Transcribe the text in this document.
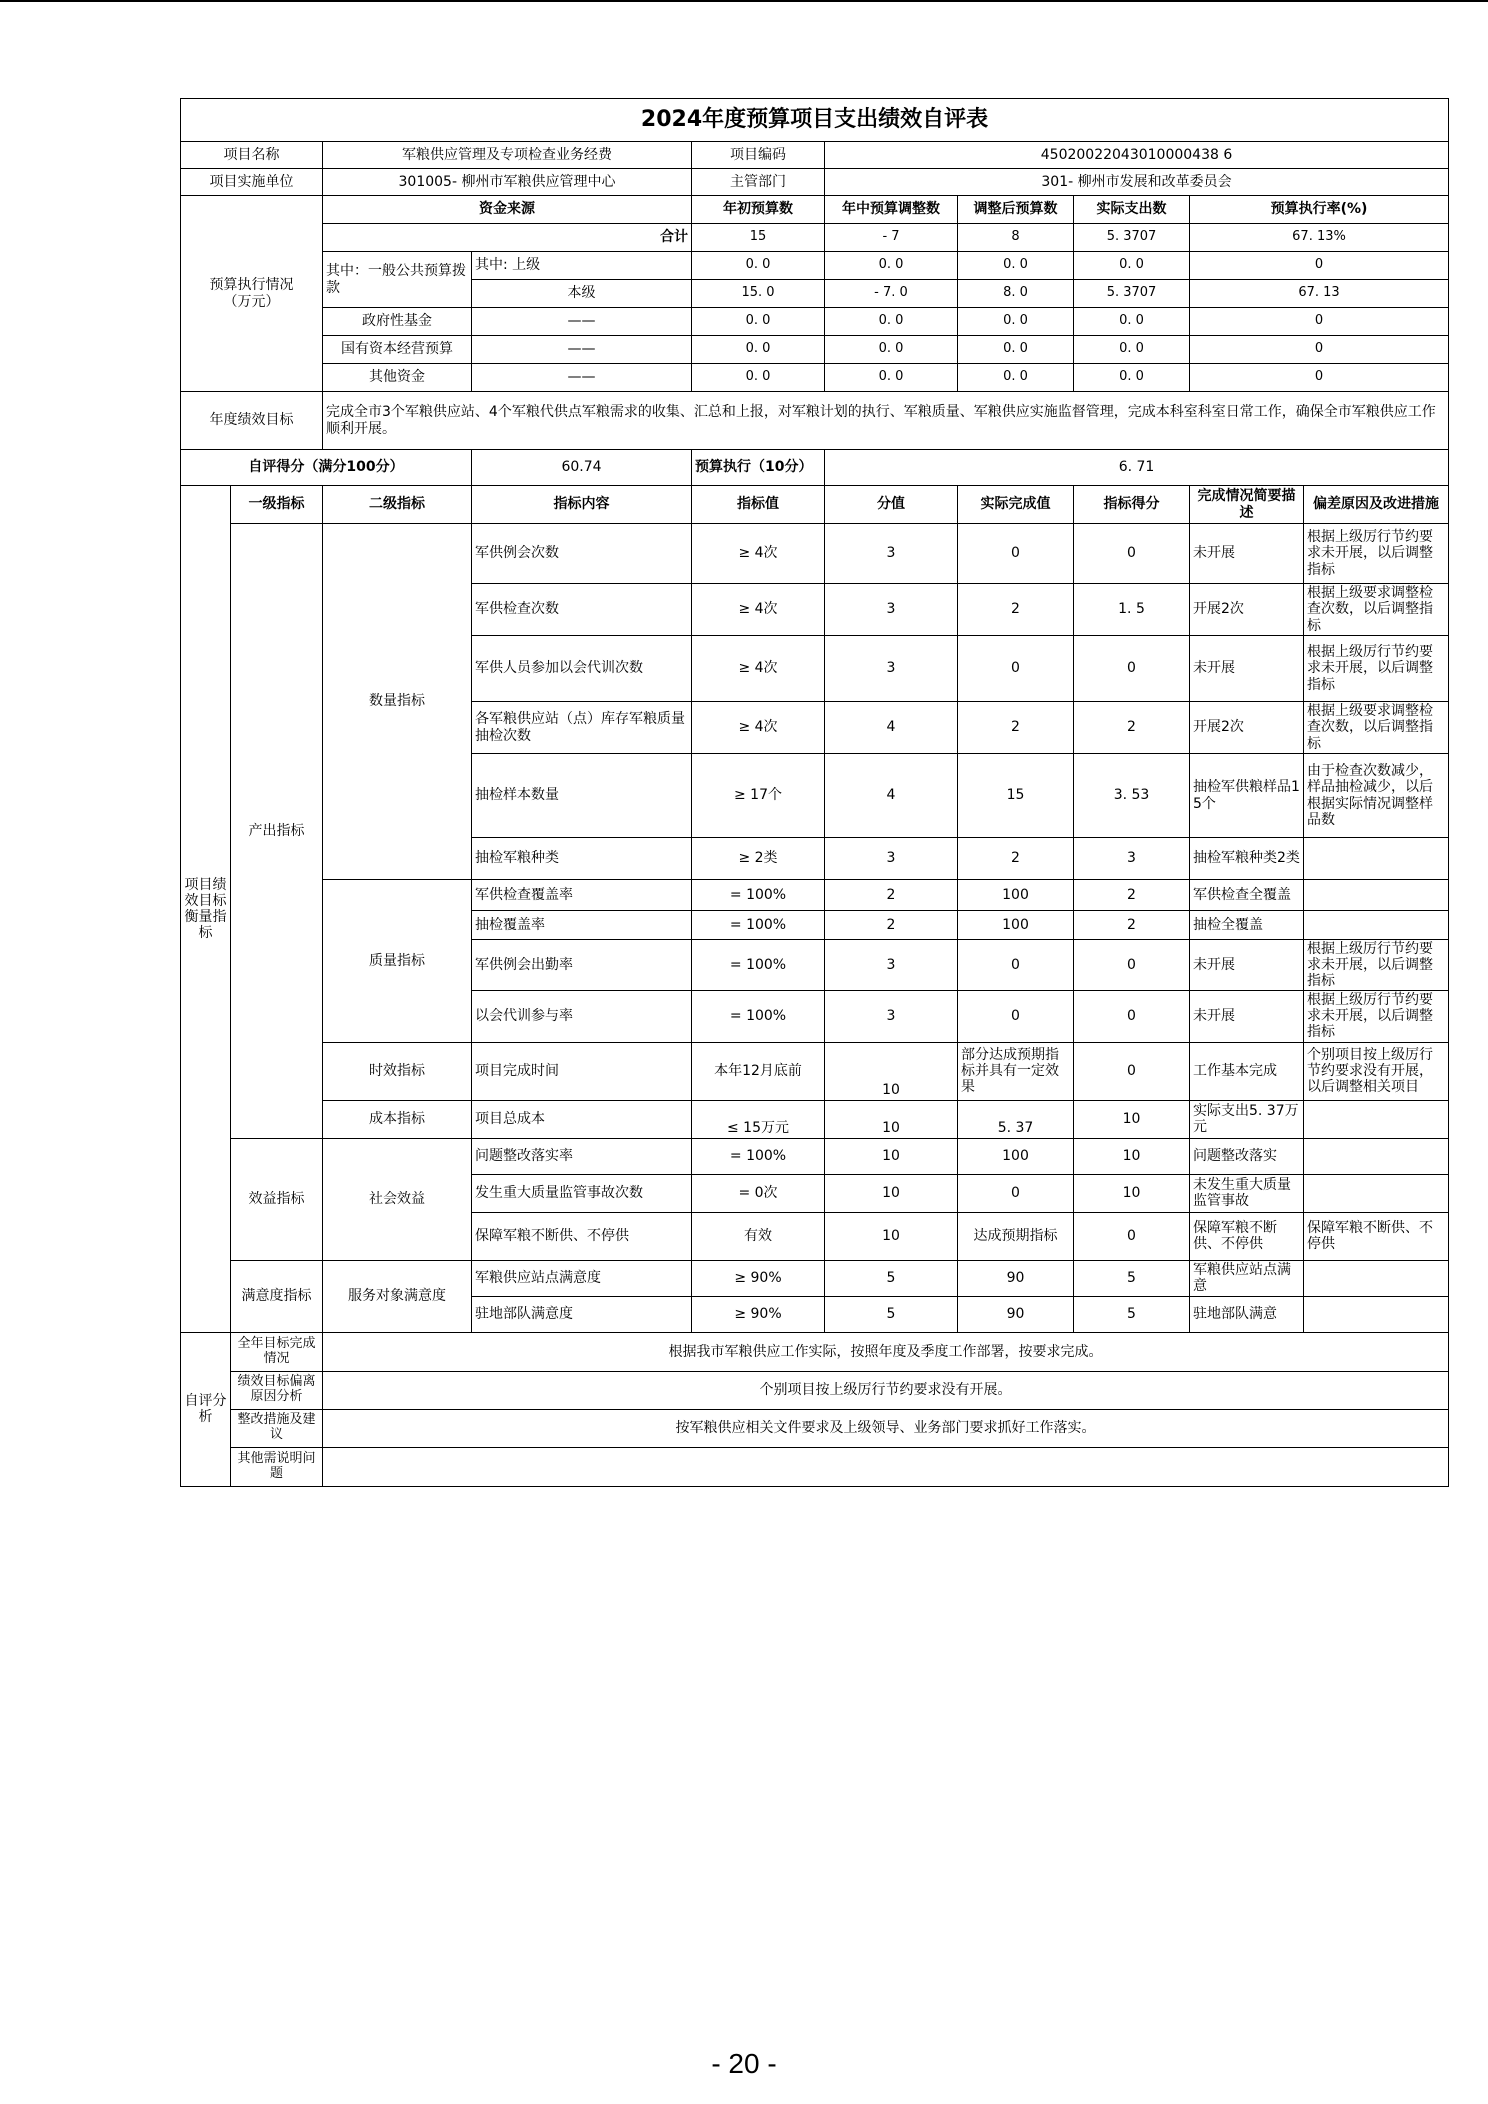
2024年度预算项目支出绩效自评表									
项目名称		军粮供应管理及专项检查业务经费		项目编码	45020022043010000438 6				
项目实施单位		301005- 柳州市军粮供应管理中心		主管部门	301- 柳州市发展和改革委员会				
预算执行情况（万元）		资金来源		年初预算数	年中预算调整数	调整后预算数	实际支出数	预算执行率(%)	
		合计		15	- 7	8	5. 3707	67. 13%	
		其中：一般公共预算拨款	其中: 上级	0. 0	0. 0	0. 0	0. 0	0	
			本级	15. 0	- 7. 0	8. 0	5. 3707	67. 13	
		政府性基金	——	0. 0	0. 0	0. 0	0. 0	0	
		国有资本经营预算	——	0. 0	0. 0	0. 0	0. 0	0	
		其他资金	——	0. 0	0. 0	0. 0	0. 0	0	
年度绩效目标		完成全市3个军粮供应站、4个军粮代供点军粮需求的收集、汇总和上报，对军粮计划的执行、军粮质量、军粮供应实施监督管理，完成本科室科室日常工作，确保全市军粮供应工作顺利开展。							
自评得分（满分100分）			60.74	预算执行（10分）	6. 71				
项目绩效目标衡量指标	一级指标	二级指标	指标内容	指标值	分值	实际完成值	指标得分	完成情况简要描述	偏差原因及改进措施
	产出指标	数量指标	军供例会次数	≥ 4次	3	0	0	未开展	根据上级厉行节约要求未开展，以后调整指标
			军供检查次数	≥ 4次	3	2	1. 5	开展2次	根据上级要求调整检查次数，以后调整指标
			军供人员参加以会代训次数	≥ 4次	3	0	0	未开展	根据上级厉行节约要求未开展，以后调整指标
			各军粮供应站（点）库存军粮质量抽检次数	≥ 4次	4	2	2	开展2次	根据上级要求调整检查次数，以后调整指标
			抽检样本数量	≥ 17个	4	15	3. 53	抽检军供粮样品15个	由于检查次数减少，样品抽检减少，以后根据实际情况调整样品数
			抽检军粮种类	≥ 2类	3	2	3	抽检军粮种类2类	
		质量指标	军供检查覆盖率	= 100%	2	100	2	军供检查全覆盖	
			抽检覆盖率	= 100%	2	100	2	抽检全覆盖	
			军供例会出勤率	= 100%	3	0	0	未开展	根据上级厉行节约要求未开展，以后调整指标
			以会代训参与率	= 100%	3	0	0	未开展	根据上级厉行节约要求未开展，以后调整指标
		时效指标	项目完成时间	本年12月底前	10	部分达成预期指标并具有一定效果	0	工作基本完成	个别项目按上级厉行节约要求没有开展，以后调整相关项目
		成本指标	项目总成本	≤ 15万元	10	5. 37	10	实际支出5. 37万元	
	效益指标	社会效益	问题整改落实率	= 100%	10	100	10	问题整改落实	
			发生重大质量监管事故次数	= 0次	10	0	10	未发生重大质量监管事故	
			保障军粮不断供、不停供	有效	10	达成预期指标	0	保障军粮不断供、不停供	保障军粮不断供、不停供
	满意度指标	服务对象满意度	军粮供应站点满意度	≥ 90%	5	90	5	军粮供应站点满意	
			驻地部队满意度	≥ 90%	5	90	5	驻地部队满意	
自评分析	全年目标完成情况	根据我市军粮供应工作实际，按照年度及季度工作部署，按要求完成。							
	绩效目标偏离原因分析	个别项目按上级厉行节约要求没有开展。							
	整改措施及建议	按军粮供应相关文件要求及上级领导、业务部门要求抓好工作落实。							
	其他需说明问题								
- 20 -
